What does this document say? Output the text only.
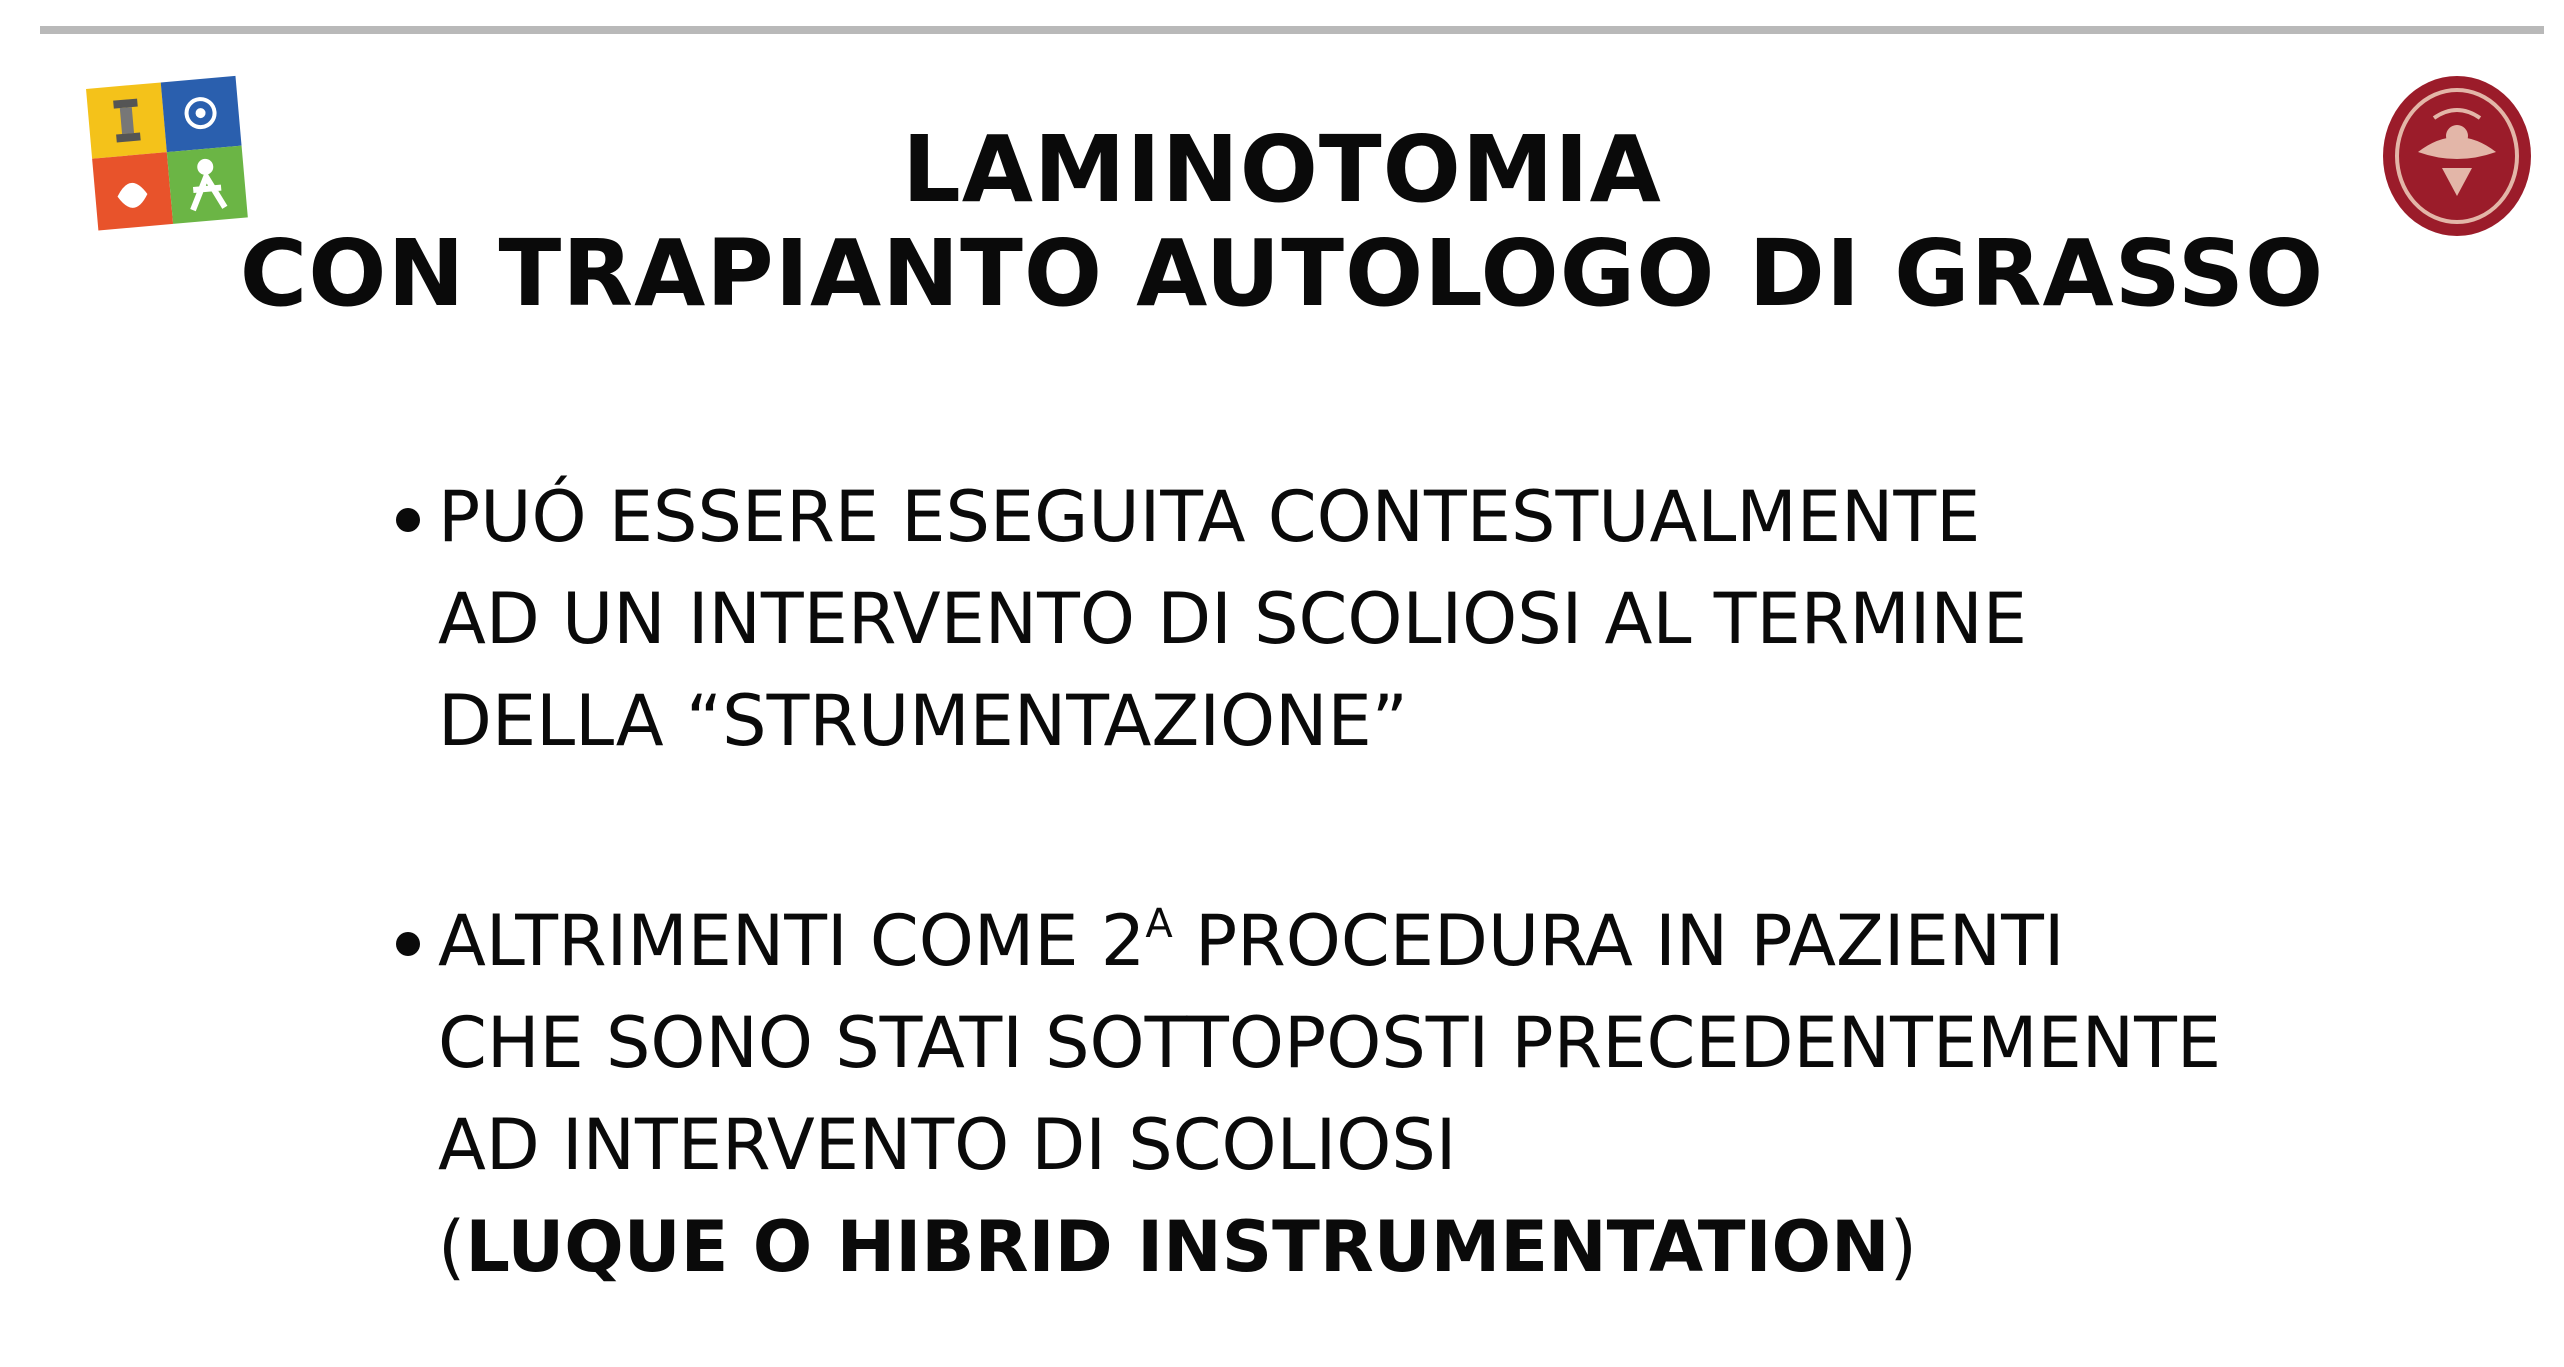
LAMINOTOMIA
CON TRAPIANTO AUTOLOGO DI GRASSO
PUÓ ESSERE ESEGUITA CONTESTUALMENTE
AD UN INTERVENTO DI SCOLIOSI AL TERMINE
DELLA “STRUMENTAZIONE”
ALTRIMENTI COME $2^A$ PROCEDURA IN PAZIENTI
CHE SONO STATI SOTTOPOSTI PRECEDENTEMENTE
AD INTERVENTO DI SCOLIOSI
(LUQUE O HIBRID INSTRUMENTATION)
